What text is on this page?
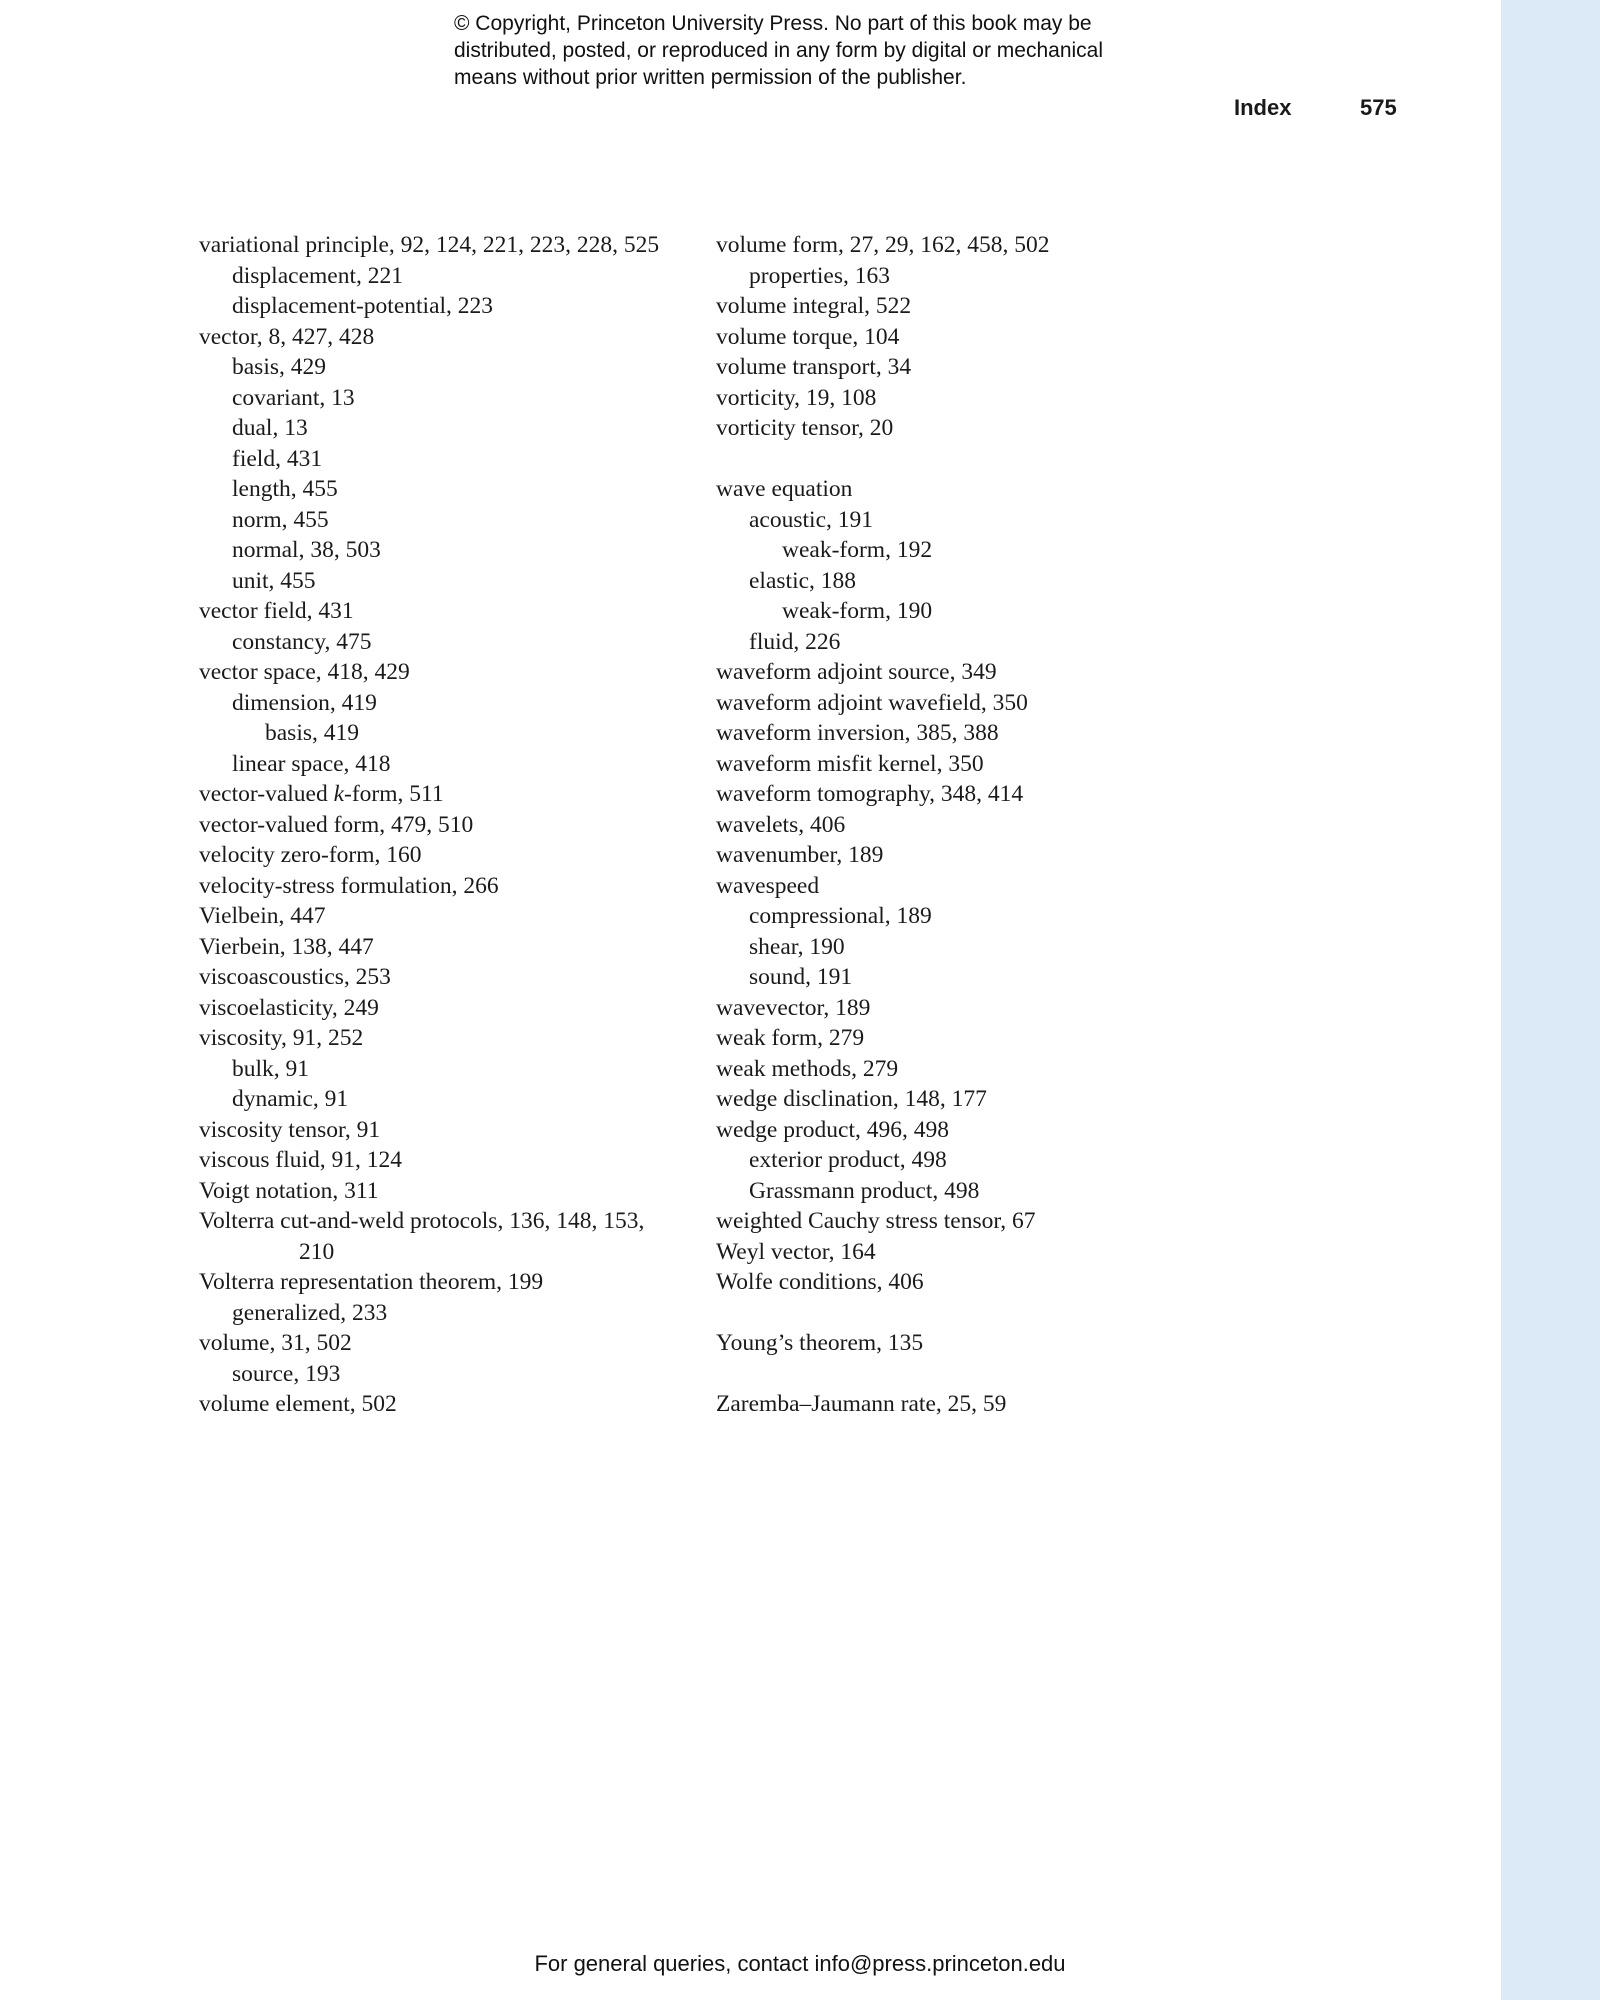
© Copyright, Princeton University Press. No part of this book may be
distributed, posted, or reproduced in any form by digital or mechanical
means without prior written permission of the publisher.
Index	575
variational principle, 92, 124, 221, 223, 228, 525
displacement, 221
displacement-potential, 223
vector, 8, 427, 428
basis, 429
covariant, 13
dual, 13
field, 431
length, 455
norm, 455
normal, 38, 503
unit, 455
vector field, 431
constancy, 475
vector space, 418, 429
dimension, 419
basis, 419
linear space, 418
vector-valued k-form, 511
vector-valued form, 479, 510
velocity zero-form, 160
velocity-stress formulation, 266
Vielbein, 447
Vierbein, 138, 447
viscoascoustics, 253
viscoelasticity, 249
viscosity, 91, 252
bulk, 91
dynamic, 91
viscosity tensor, 91
viscous fluid, 91, 124
Voigt notation, 311
Volterra cut-and-weld protocols, 136, 148, 153,
210
Volterra representation theorem, 199
generalized, 233
volume, 31, 502
source, 193
volume element, 502
volume form, 27, 29, 162, 458, 502
properties, 163
volume integral, 522
volume torque, 104
volume transport, 34
vorticity, 19, 108
vorticity tensor, 20
wave equation
acoustic, 191
weak-form, 192
elastic, 188
weak-form, 190
fluid, 226
waveform adjoint source, 349
waveform adjoint wavefield, 350
waveform inversion, 385, 388
waveform misfit kernel, 350
waveform tomography, 348, 414
wavelets, 406
wavenumber, 189
wavespeed
compressional, 189
shear, 190
sound, 191
wavevector, 189
weak form, 279
weak methods, 279
wedge disclination, 148, 177
wedge product, 496, 498
exterior product, 498
Grassmann product, 498
weighted Cauchy stress tensor, 67
Weyl vector, 164
Wolfe conditions, 406
Young’s theorem, 135
Zaremba–Jaumann rate, 25, 59
For general queries, contact info@press.princeton.edu
